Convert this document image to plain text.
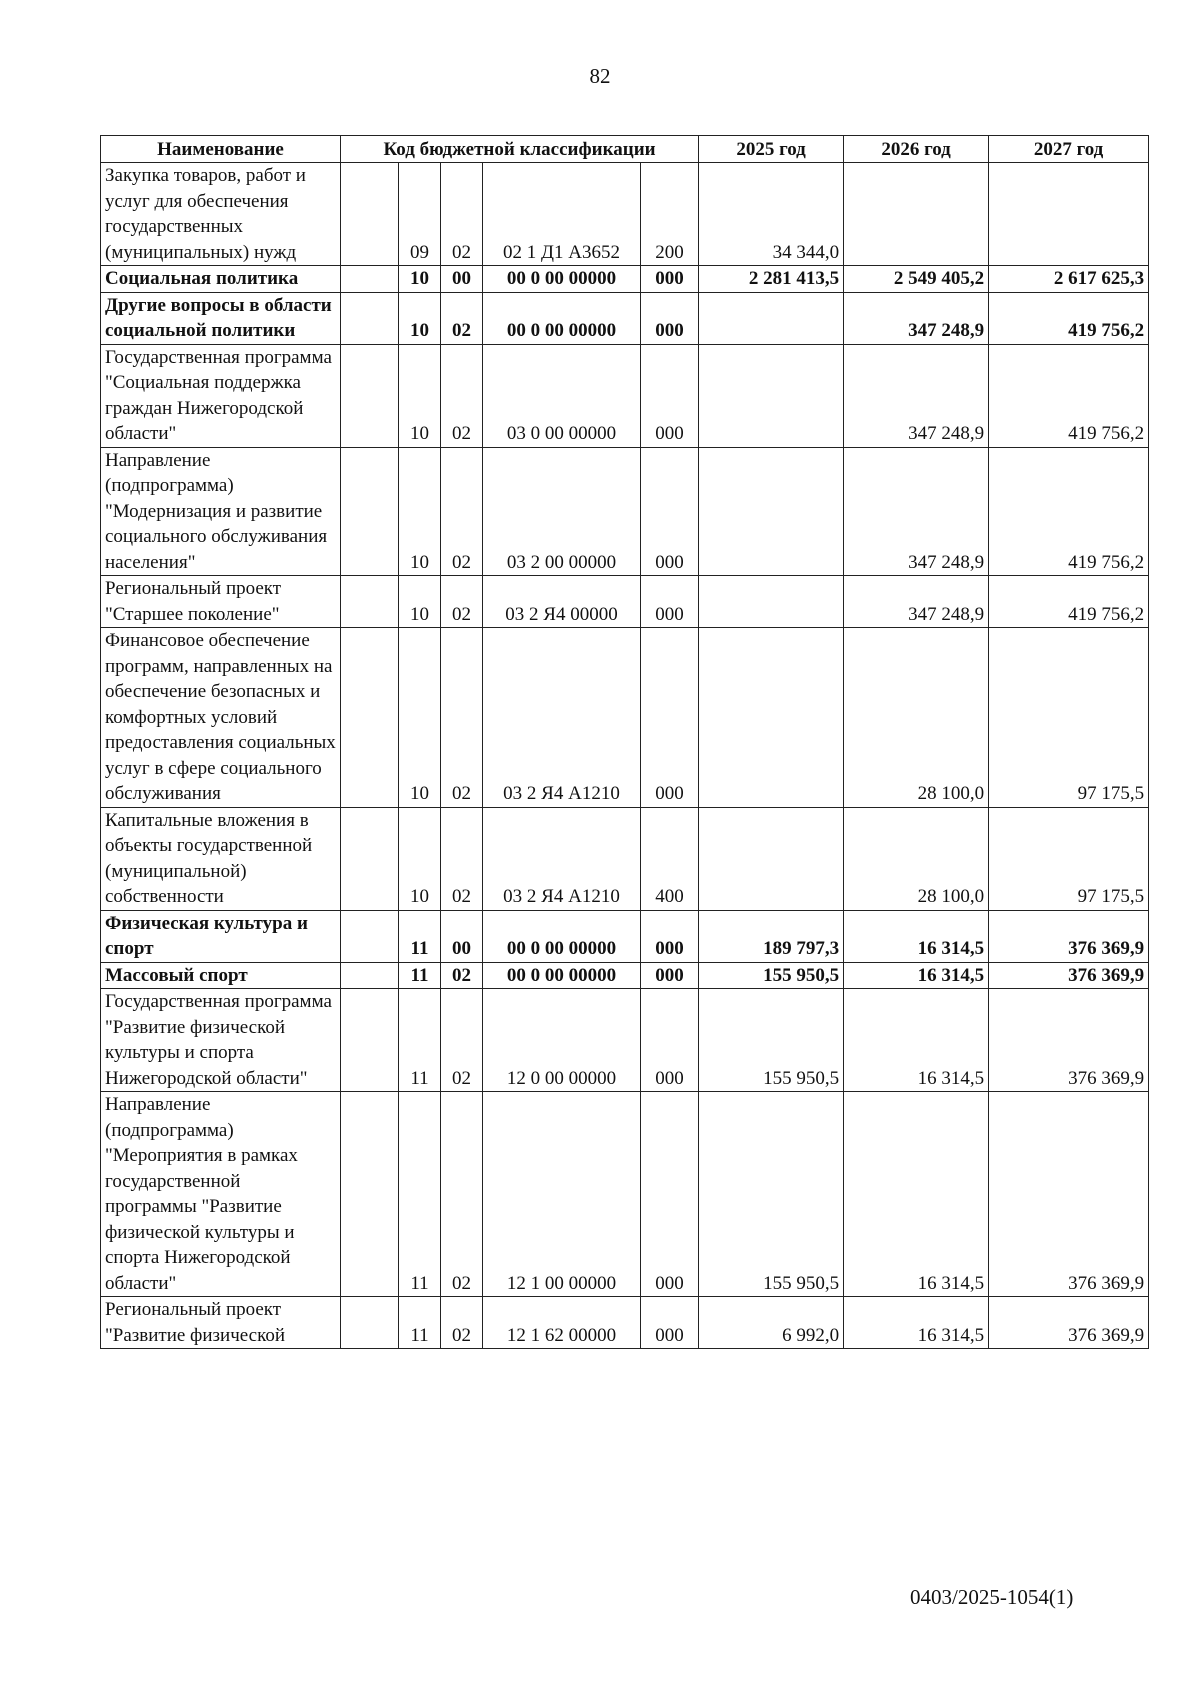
82
Наименование	Код бюджетной классификации					2025 год	2026 год	2027 год
Закупка товаров, работ и услуг для обеспечения государственных (муниципальных) нужд		09	02	02 1 Д1 А3652	200	34 344,0		
Социальная политика		10	00	00 0 00 00000	000	2 281 413,5	2 549 405,2	2 617 625,3
Другие вопросы в области социальной политики		10	02	00 0 00 00000	000		347 248,9	419 756,2
Государственная программа "Социальная поддержка граждан Нижегородской области"		10	02	03 0 00 00000	000		347 248,9	419 756,2
Направление (подпрограмма) "Модернизация и развитие социального обслуживания населения"		10	02	03 2 00 00000	000		347 248,9	419 756,2
Региональный проект "Старшее поколение"		10	02	03 2 Я4 00000	000		347 248,9	419 756,2
Финансовое обеспечение программ, направленных на обеспечение безопасных и комфортных условий предоставления социальных услуг в сфере социального обслуживания		10	02	03 2 Я4 А1210	000		28 100,0	97 175,5
Капитальные вложения в объекты государственной (муниципальной) собственности		10	02	03 2 Я4 А1210	400		28 100,0	97 175,5
Физическая культура и спорт		11	00	00 0 00 00000	000	189 797,3	16 314,5	376 369,9
Массовый спорт		11	02	00 0 00 00000	000	155 950,5	16 314,5	376 369,9
Государственная программа "Развитие физической культуры и спорта Нижегородской области"		11	02	12 0 00 00000	000	155 950,5	16 314,5	376 369,9
Направление (подпрограмма) "Мероприятия в рамках государственной программы "Развитие физической культуры и спорта Нижегородской области"		11	02	12 1 00 00000	000	155 950,5	16 314,5	376 369,9
Региональный проект "Развитие физической		11	02	12 1 62 00000	000	6 992,0	16 314,5	376 369,9
0403/2025-1054(1)
